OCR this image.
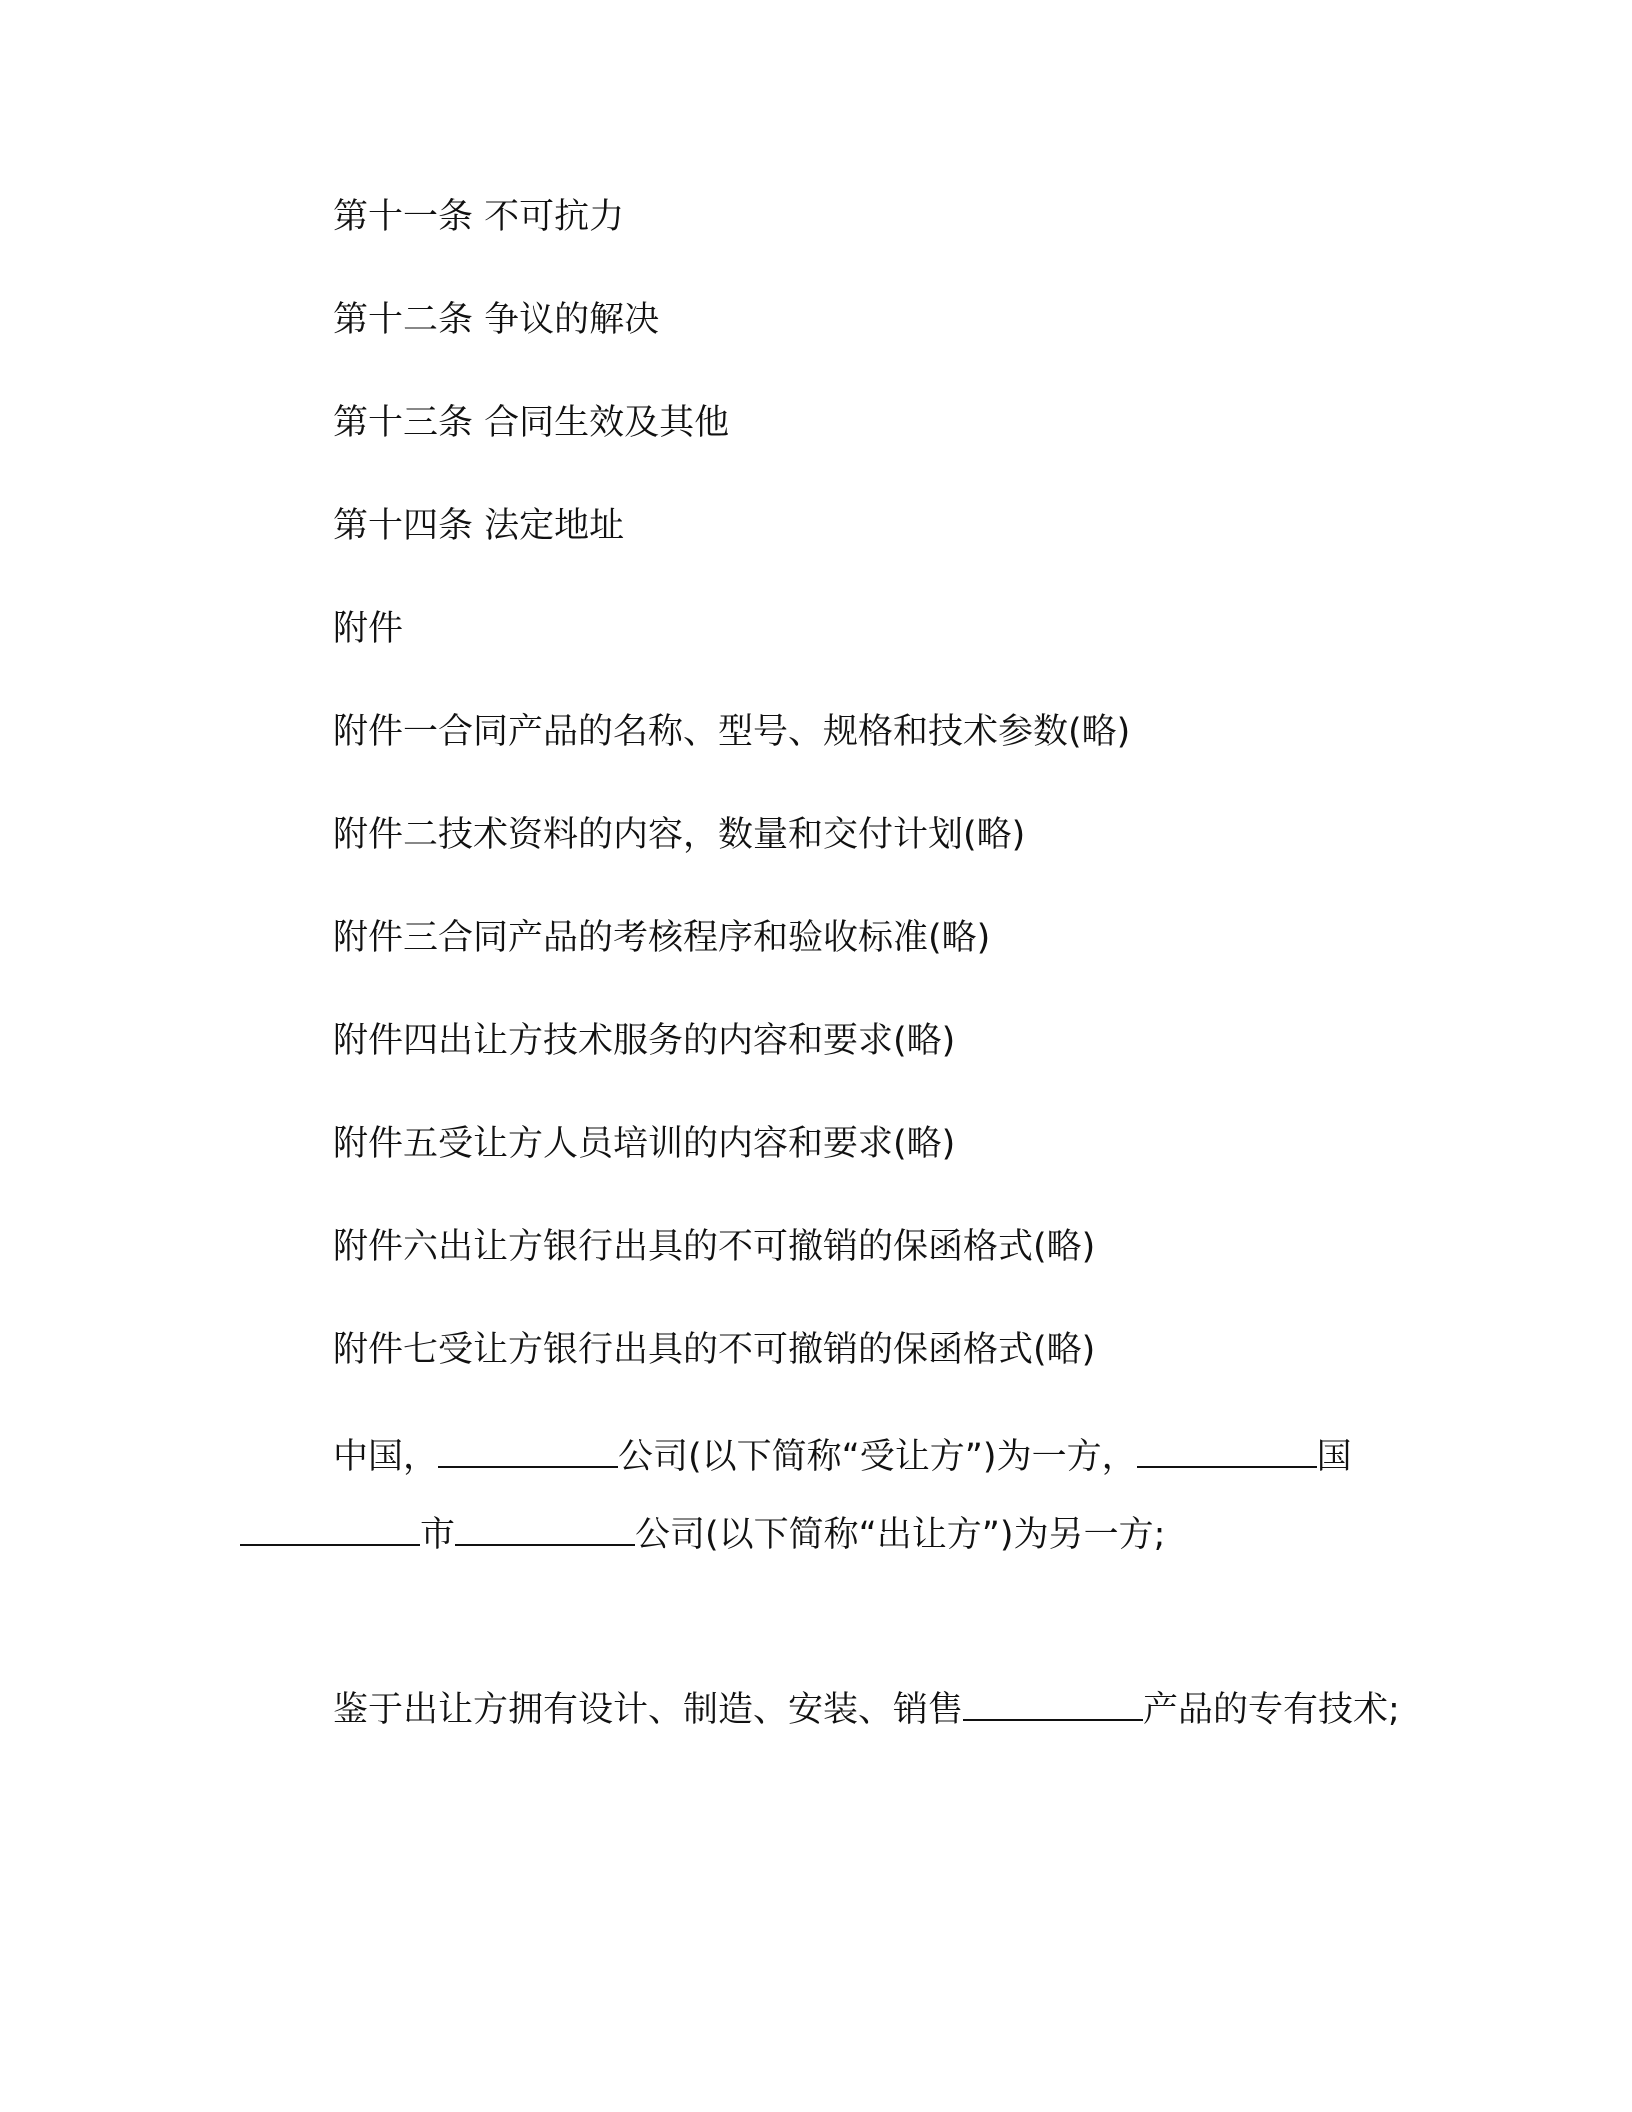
第十一条 不可抗力
第十二条 争议的解决
第十三条 合同生效及其他
第十四条 法定地址
附件
附件一合同产品的名称、型号、规格和技术参数(略)
附件二技术资料的内容，数量和交付计划(略)
附件三合同产品的考核程序和验收标准(略)
附件四出让方技术服务的内容和要求(略)
附件五受让方人员培训的内容和要求(略)
附件六出让方银行出具的不可撤销的保函格式(略)
附件七受让方银行出具的不可撤销的保函格式(略)

中国，	公司(以下简称“受让方”)为一方，	国市	公司(以下简称“出让方”)为另一方;

鉴于出让方拥有设计、制造、安装、销售	产品的专有技术;
